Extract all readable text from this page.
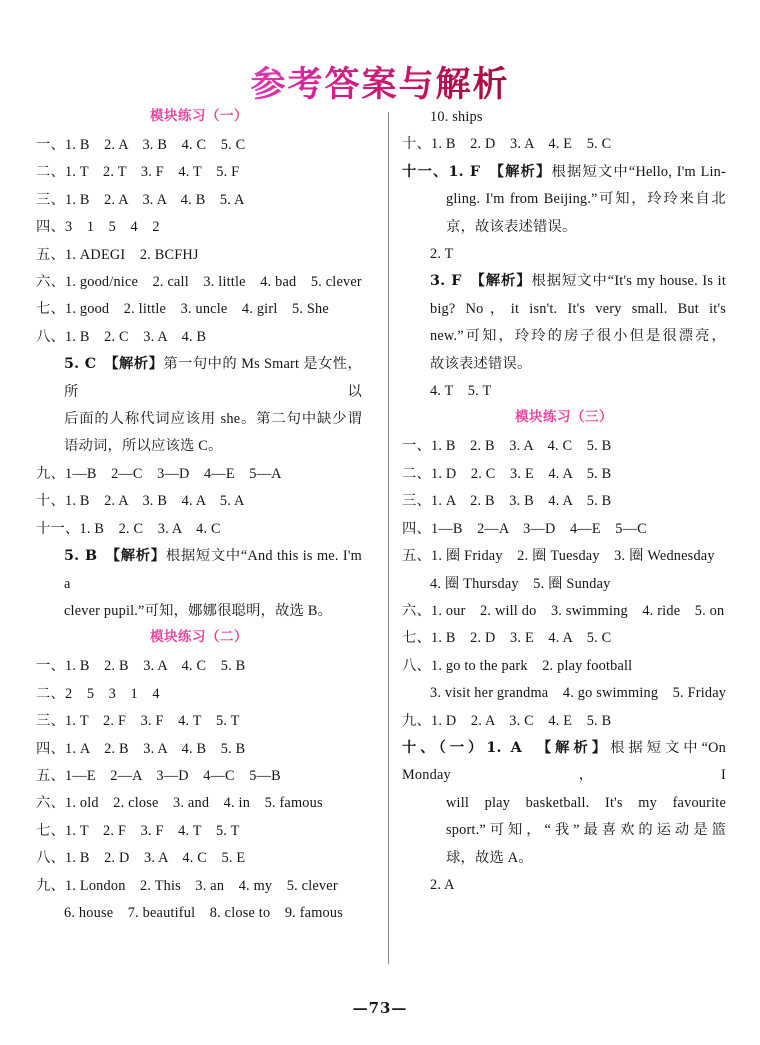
参考答案与解析
模块练习（一）
一、1. B　2. A　3. B　4. C　5. C
二、1. T　2. T　3. F　4. T　5. F
三、1. B　2. A　3. A　4. B　5. A
四、3　1　5　4　2
五、1. ADEGI　2. BCFHJ
六、1. good/nice　2. call　3. little　4. bad　5. clever
七、1. good　2. little　3. uncle　4. girl　5. She
八、1. B　2. C　3. A　4. B
5. C　【解析】第一句中的 Ms Smart 是女性，所以
后面的人称代词应该用 she。第二句中缺少谓
语动词，所以应该选 C。
九、1—B　2—C　3—D　4—E　5—A
十、1. B　2. A　3. B　4. A　5. A
十一、1. B　2. C　3. A　4. C
5. B　【解析】根据短文中“And this is me. I'm a
clever pupil.”可知，娜娜很聪明，故选 B。
模块练习（二）
一、1. B　2. B　3. A　4. C　5. B
二、2　5　3　1　4
三、1. T　2. F　3. F　4. T　5. T
四、1. A　2. B　3. A　4. B　5. B
五、1—E　2—A　3—D　4—C　5—B
六、1. old　2. close　3. and　4. in　5. famous
七、1. T　2. F　3. F　4. T　5. T
八、1. B　2. D　3. A　4. C　5. E
九、1. London　2. This　3. an　4. my　5. clever
6. house　7. beautiful　8. close to　9. famous
10. ships
十、1. B　2. D　3. A　4. E　5. C
十一、1. F　【解析】根据短文中“Hello, I'm Lin-
gling. I'm from Beijing.”可知，玲玲来自北
京，故该表述错误。
2. T
3. F　【解析】根据短文中“It's my house. Is it
big? No，it isn't. It's very small. But it's
new.”可知，玲玲的房子很小但是很漂亮，
故该表述错误。
4. T　5. T
模块练习（三）
一、1. B　2. B　3. A　4. C　5. B
二、1. D　2. C　3. E　4. A　5. B
三、1. A　2. B　3. B　4. A　5. B
四、1—B　2—A　3—D　4—E　5—C
五、1. 圈 Friday　2. 圈 Tuesday　3. 圈 Wednesday
4. 圈 Thursday　5. 圈 Sunday
六、1. our　2. will do　3. swimming　4. ride　5. on
七、1. B　2. D　3. E　4. A　5. C
八、1. go to the park　2. play football
3. visit her grandma　4. go swimming　5. Friday
九、1. D　2. A　3. C　4. E　5. B
十、（一）1. A　【解析】根据短文中“On Monday，I
will play basketball. It's my favourite
sport.”可知，“我”最喜欢的运动是篮
球，故选 A。
2. A
—73—
